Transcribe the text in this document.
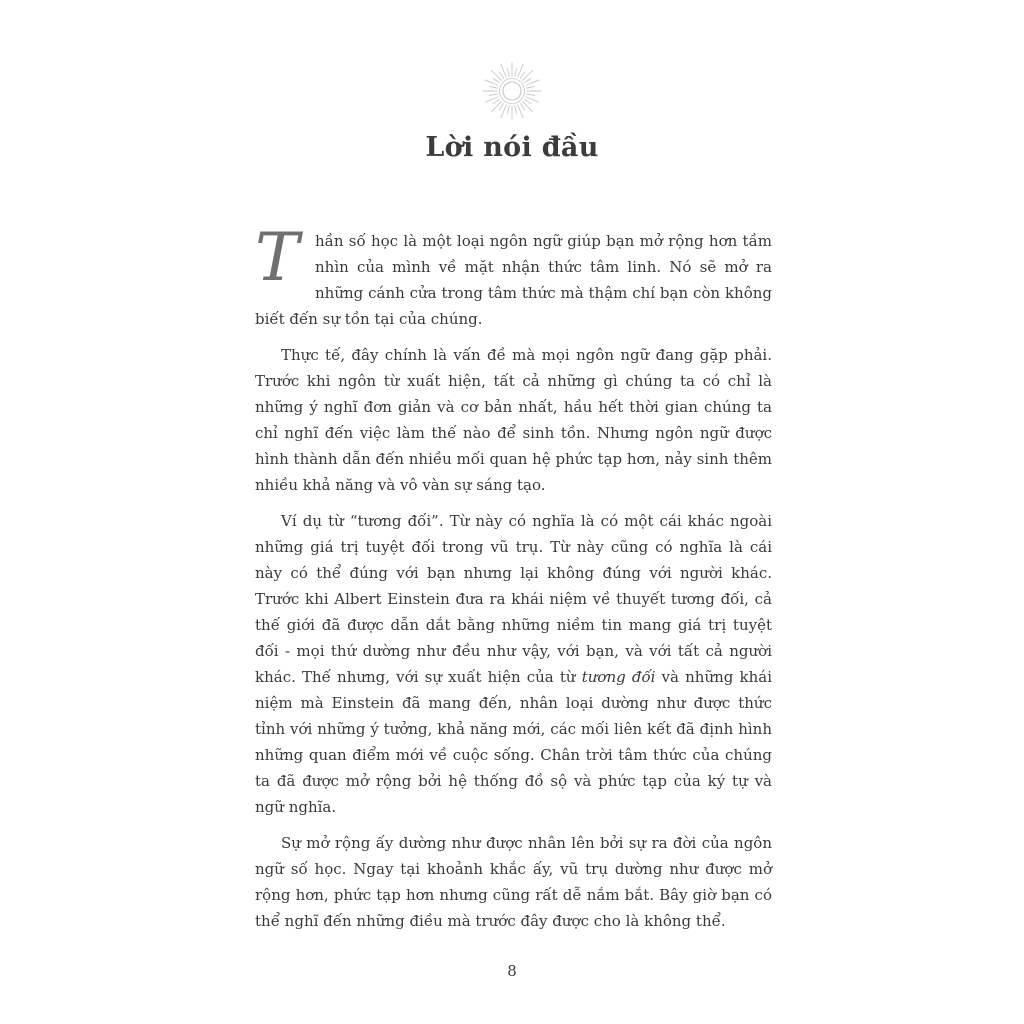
Lời nói đầu

T	hần số học là một loại ngôn ngữ giúp bạn mở rộng hơn tầm nhìn của mình về mặt nhận thức tâm linh. Nó sẽ mở ra những cánh cửa trong tâm thức mà thậm chí bạn còn không biết đến sự tồn tại của chúng.

Thực tế, đây chính là vấn đề mà mọi ngôn ngữ đang gặp phải. Trước khi ngôn từ xuất hiện, tất cả những gì chúng ta có chỉ là những ý nghĩ đơn giản và cơ bản nhất, hầu hết thời gian chúng ta chỉ nghĩ đến việc làm thế nào để sinh tồn. Nhưng ngôn ngữ được hình thành dẫn đến nhiều mối quan hệ phức tạp hơn, nảy sinh thêm nhiều khả năng và vô vàn sự sáng tạo.

Ví dụ từ “tương đối”. Từ này có nghĩa là có một cái khác ngoài những giá trị tuyệt đối trong vũ trụ. Từ này cũng có nghĩa là cái này có thể đúng với bạn nhưng lại không đúng với người khác. Trước khi Albert Einstein đưa ra khái niệm về thuyết tương đối, cả thế giới đã được dẫn dắt bằng những niềm tin mang giá trị tuyệt đối - mọi thứ dường như đều như vậy, với bạn, và với tất cả người khác. Thế nhưng, với sự xuất hiện của từ tương đối và những khái niệm mà Einstein đã mang đến, nhân loại dường như được thức tỉnh với những ý tưởng, khả năng mới, các mối liên kết đã định hình những quan điểm mới về cuộc sống. Chân trời tâm thức của chúng ta đã được mở rộng bởi hệ thống đồ sộ và phức tạp của ký tự và ngữ nghĩa.

Sự mở rộng ấy dường như được nhân lên bởi sự ra đời của ngôn ngữ số học. Ngay tại khoảnh khắc ấy, vũ trụ dường như được mở rộng hơn, phức tạp hơn nhưng cũng rất dễ nắm bắt. Bây giờ bạn có thể nghĩ đến những điều mà trước đây được cho là không thể.

8
